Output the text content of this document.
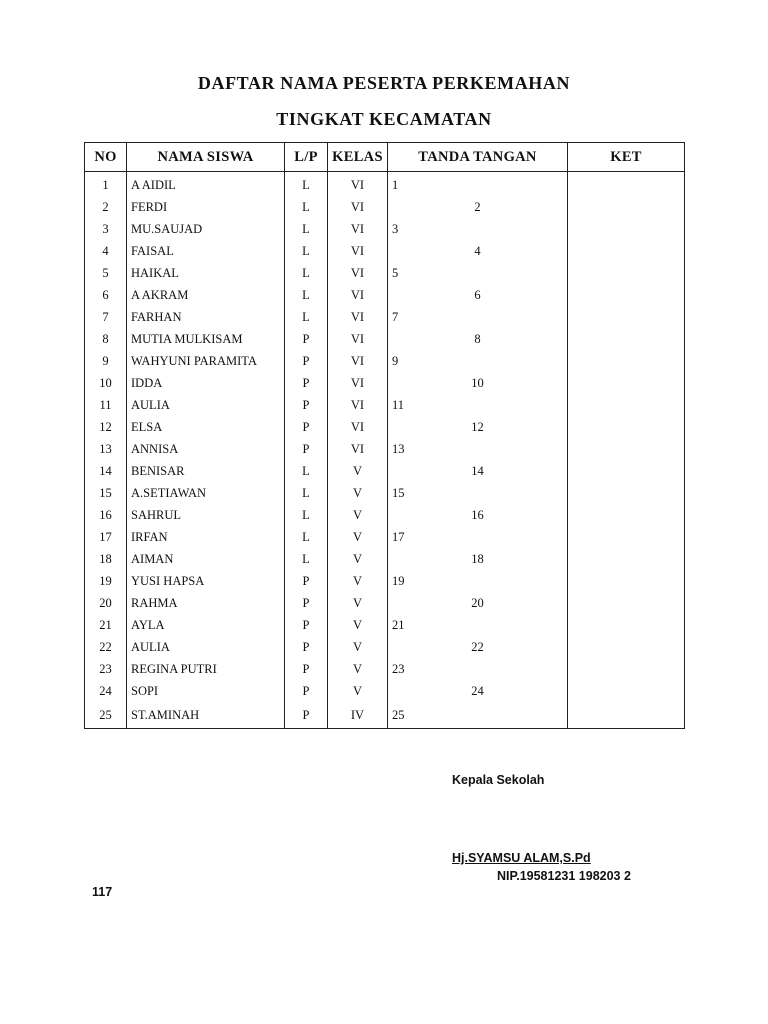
DAFTAR NAMA PESERTA PERKEMAHAN
TINGKAT KECAMATAN
NO	NAMA SISWA	L/P	KELAS	TANDA TANGAN	KET
1	A AIDIL	L	VI	1	
2	FERDI	L	VI	2	
3	MU.SAUJAD	L	VI	3	
4	FAISAL	L	VI	4	
5	HAIKAL	L	VI	5	
6	A AKRAM	L	VI	6	
7	FARHAN	L	VI	7	
8	MUTIA MULKISAM	P	VI	8	
9	WAHYUNI PARAMITA	P	VI	9	
10	IDDA	P	VI	10	
11	AULIA	P	VI	11	
12	ELSA	P	VI	12	
13	ANNISA	P	VI	13	
14	BENISAR	L	V	14	
15	A.SETIAWAN	L	V	15	
16	SAHRUL	L	V	16	
17	IRFAN	L	V	17	
18	AIMAN	L	V	18	
19	YUSI HAPSA	P	V	19	
20	RAHMA	P	V	20	
21	AYLA	P	V	21	
22	AULIA	P	V	22	
23	REGINA PUTRI	P	V	23	
24	SOPI	P	V	24	
25	ST.AMINAH	P	IV	25	
Kepala Sekolah
Hj.SYAMSU ALAM,S.Pd
NIP.19581231 198203 2
117
